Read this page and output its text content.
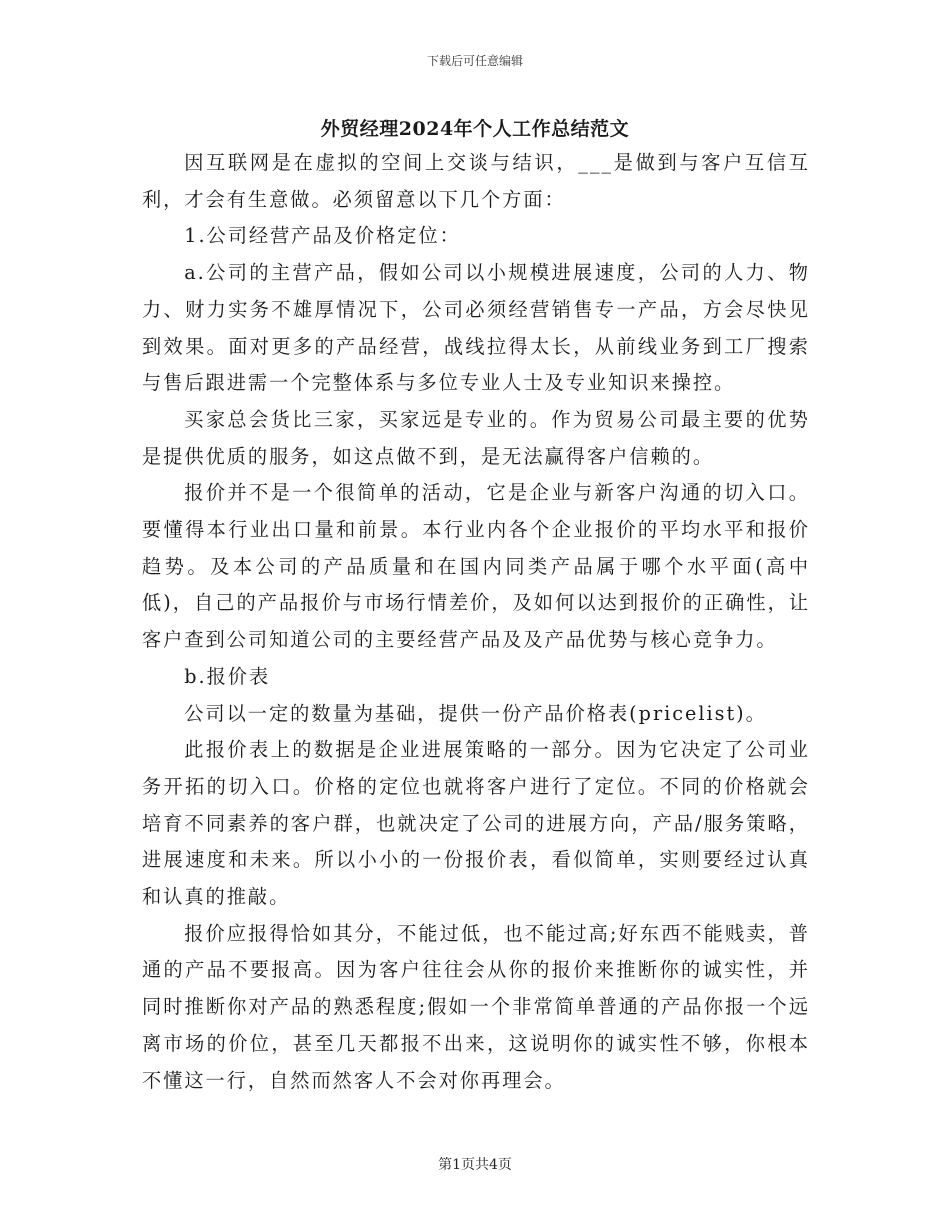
下载后可任意编辑
外贸经理2024年个人工作总结范文

因互联网是在虚拟的空间上交谈与结识，___是做到与客户互信互利，才会有生意做。必须留意以下几个方面：

1.公司经营产品及价格定位：

a.公司的主营产品，假如公司以小规模进展速度，公司的人力、物力、财力实务不雄厚情况下，公司必须经营销售专一产品，方会尽快见到效果。面对更多的产品经营，战线拉得太长，从前线业务到工厂搜索与售后跟进需一个完整体系与多位专业人士及专业知识来操控。

买家总会货比三家，买家远是专业的。作为贸易公司最主要的优势是提供优质的服务，如这点做不到，是无法赢得客户信赖的。

报价并不是一个很简单的活动，它是企业与新客户沟通的切入口。要懂得本行业出口量和前景。本行业内各个企业报价的平均水平和报价趋势。及本公司的产品质量和在国内同类产品属于哪个水平面(高中低)，自己的产品报价与市场行情差价，及如何以达到报价的正确性，让客户查到公司知道公司的主要经营产品及及产品优势与核心竞争力。

b.报价表

公司以一定的数量为基础，提供一份产品价格表(pricelist)。

此报价表上的数据是企业进展策略的一部分。因为它决定了公司业务开拓的切入口。价格的定位也就将客户进行了定位。不同的价格就会培育不同素养的客户群，也就决定了公司的进展方向，产品/服务策略，进展速度和未来。所以小小的一份报价表，看似简单，实则要经过认真和认真的推敲。

报价应报得恰如其分，不能过低，也不能过高;好东西不能贱卖，普通的产品不要报高。因为客户往往会从你的报价来推断你的诚实性，并同时推断你对产品的熟悉程度;假如一个非常简单普通的产品你报一个远离市场的价位，甚至几天都报不出来，这说明你的诚实性不够，你根本不懂这一行，自然而然客人不会对你再理会。

第1页共4页
